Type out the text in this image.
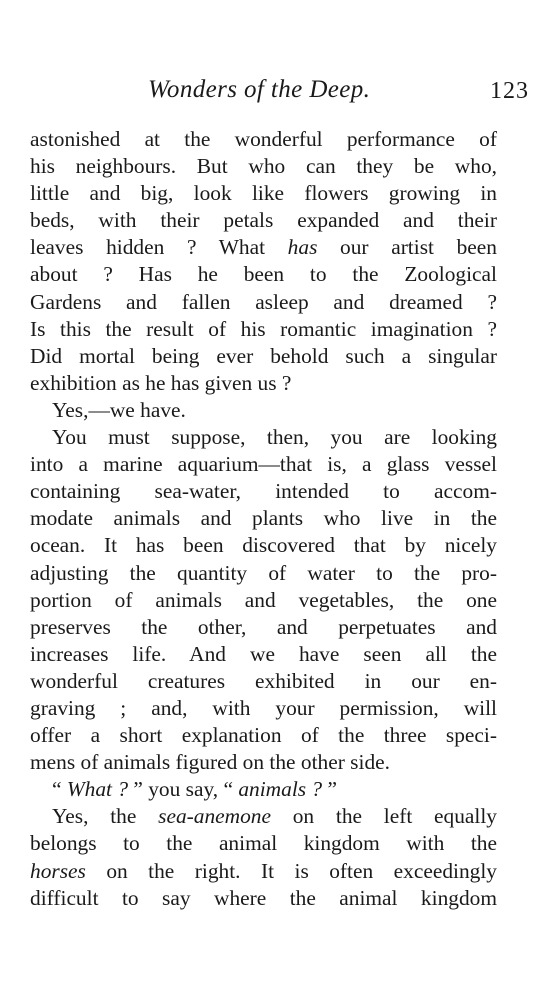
Wonders of the Deep.	123
astonished at the wonderful performance of
his neighbours. But who can they be who,
little and big, look like flowers growing in
beds, with their petals expanded and their
leaves hidden ? What has our artist been
about ? Has he been to the Zoological
Gardens and fallen asleep and dreamed ?
Is this the result of his romantic imagination ?
Did mortal being ever behold such a singular
exhibition as he has given us ?
Yes,—we have.
You must suppose, then, you are looking
into a marine aquarium—that is, a glass vessel
containing sea-water, intended to accom-
modate animals and plants who live in the
ocean. It has been discovered that by nicely
adjusting the quantity of water to the pro-
portion of animals and vegetables, the one
preserves the other, and perpetuates and
increases life. And we have seen all the
wonderful creatures exhibited in our en-
graving ; and, with your permission, will
offer a short explanation of the three speci-
mens of animals figured on the other side.
“ What ? ” you say, “ animals ? ”
Yes, the sea-anemone on the left equally
belongs to the animal kingdom with the
horses on the right. It is often exceedingly
difficult to say where the animal kingdom
